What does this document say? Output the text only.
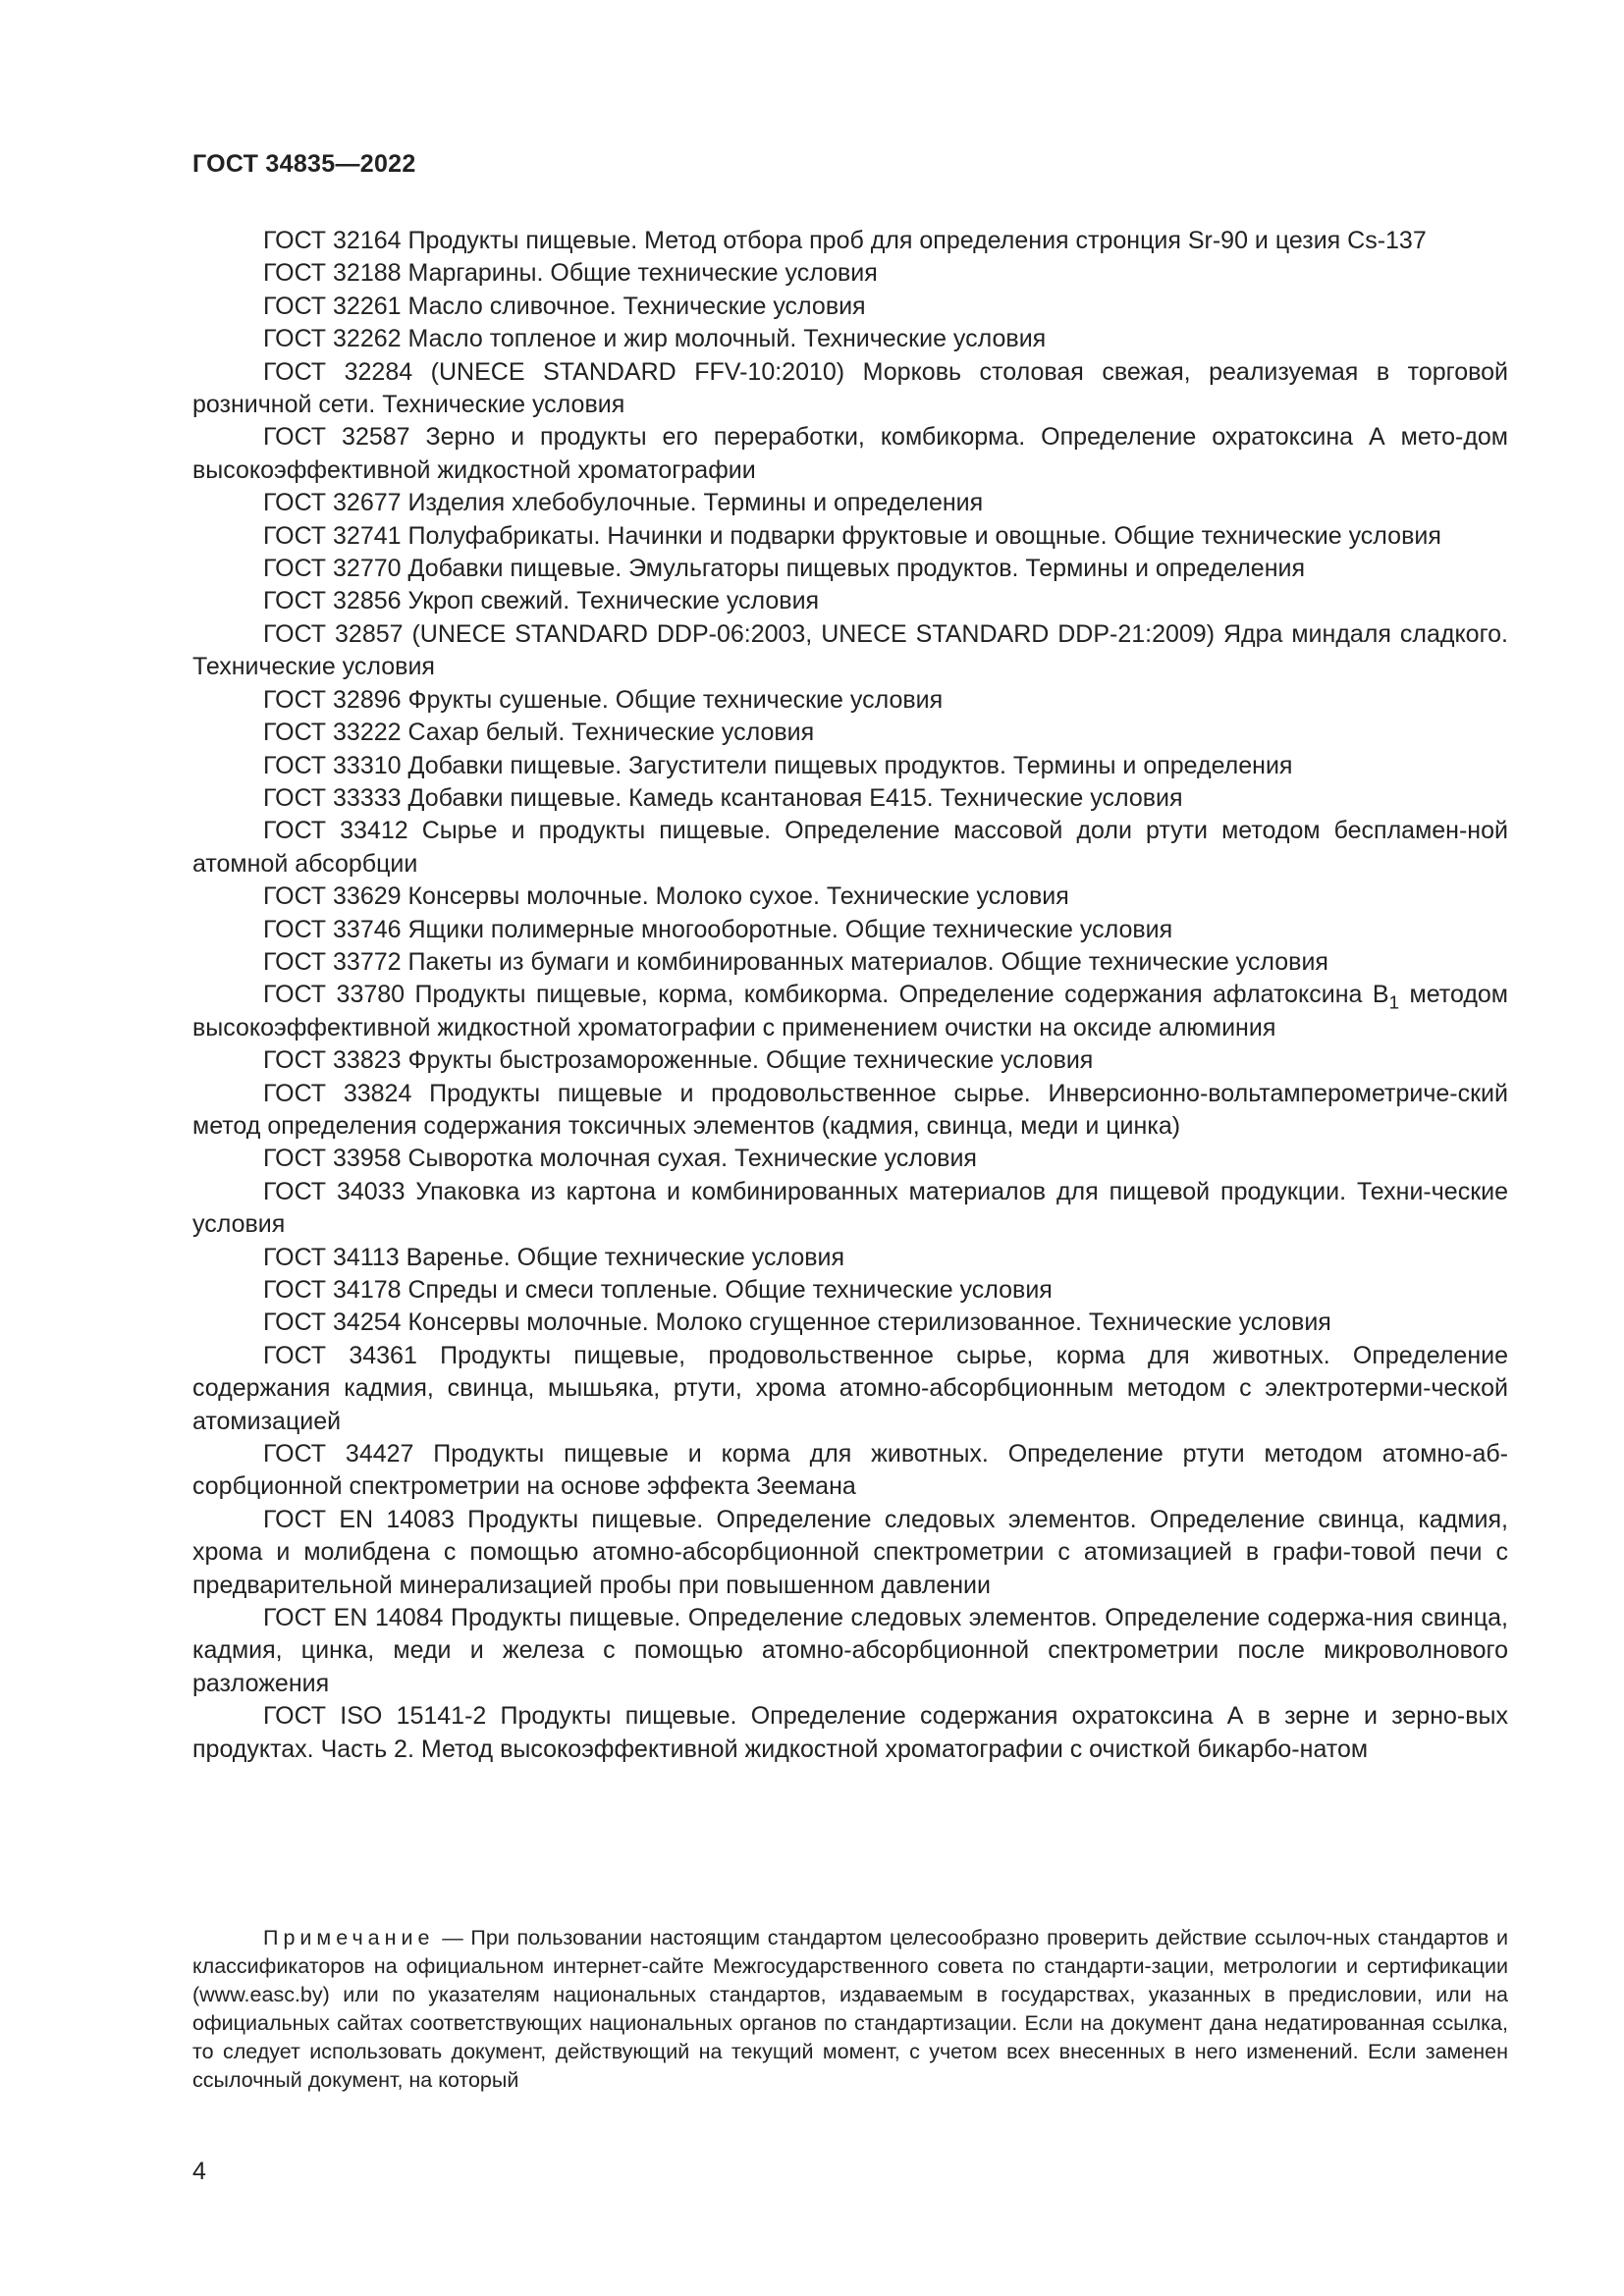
ГОСТ 34835—2022

ГОСТ 32164 Продукты пищевые. Метод отбора проб для определения стронция Sr-90 и цезия Cs-137

ГОСТ 32188 Маргарины. Общие технические условия

ГОСТ 32261 Масло сливочное. Технические условия

ГОСТ 32262 Масло топленое и жир молочный. Технические условия

ГОСТ 32284 (UNECE STANDARD FFV-10:2010) Морковь столовая свежая, реализуемая в торговой розничной сети. Технические условия

ГОСТ 32587 Зерно и продукты его переработки, комбикорма. Определение охратоксина А мето-дом высокоэффективной жидкостной хроматографии

ГОСТ 32677 Изделия хлебобулочные. Термины и определения

ГОСТ 32741 Полуфабрикаты. Начинки и подварки фруктовые и овощные. Общие технические условия

ГОСТ 32770 Добавки пищевые. Эмульгаторы пищевых продуктов. Термины и определения

ГОСТ 32856 Укроп свежий. Технические условия

ГОСТ 32857 (UNECE STANDARD DDP-06:2003, UNECE STANDARD DDP-21:2009) Ядра миндаля сладкого. Технические условия

ГОСТ 32896 Фрукты сушеные. Общие технические условия

ГОСТ 33222 Сахар белый. Технические условия

ГОСТ 33310 Добавки пищевые. Загустители пищевых продуктов. Термины и определения

ГОСТ 33333 Добавки пищевые. Камедь ксантановая Е415. Технические условия

ГОСТ 33412 Сырье и продукты пищевые. Определение массовой доли ртути методом беспламен-ной атомной абсорбции

ГОСТ 33629 Консервы молочные. Молоко сухое. Технические условия

ГОСТ 33746 Ящики полимерные многооборотные. Общие технические условия

ГОСТ 33772 Пакеты из бумаги и комбинированных материалов. Общие технические условия

ГОСТ 33780 Продукты пищевые, корма, комбикорма. Определение содержания афлатоксина $В_1$ методом высокоэффективной жидкостной хроматографии с применением очистки на оксиде алюминия

ГОСТ 33823 Фрукты быстрозамороженные. Общие технические условия

ГОСТ 33824 Продукты пищевые и продовольственное сырье. Инверсионно-вольтамперометриче-ский метод определения содержания токсичных элементов (кадмия, свинца, меди и цинка)

ГОСТ 33958 Сыворотка молочная сухая. Технические условия

ГОСТ 34033 Упаковка из картона и комбинированных материалов для пищевой продукции. Техни-ческие условия

ГОСТ 34113 Варенье. Общие технические условия

ГОСТ 34178 Спреды и смеси топленые. Общие технические условия

ГОСТ 34254 Консервы молочные. Молоко сгущенное стерилизованное. Технические условия

ГОСТ 34361 Продукты пищевые, продовольственное сырье, корма для животных. Определение содержания кадмия, свинца, мышьяка, ртути, хрома атомно-абсорбционным методом с электротерми-ческой атомизацией

ГОСТ 34427 Продукты пищевые и корма для животных. Определение ртути методом атомно-аб-сорбционной спектрометрии на основе эффекта Зеемана

ГОСТ EN 14083 Продукты пищевые. Определение следовых элементов. Определение свинца, кадмия, хрома и молибдена с помощью атомно-абсорбционной спектрометрии с атомизацией в графи-товой печи с предварительной минерализацией пробы при повышенном давлении

ГОСТ EN 14084 Продукты пищевые. Определение следовых элементов. Определение содержа-ния свинца, кадмия, цинка, меди и железа с помощью атомно-абсорбционной спектрометрии после микроволнового разложения

ГОСТ ISO 15141-2 Продукты пищевые. Определение содержания охратоксина А в зерне и зерно-вых продуктах. Часть 2. Метод высокоэффективной жидкостной хроматографии с очисткой бикарбо-натом

Примечание — При пользовании настоящим стандартом целесообразно проверить действие ссылоч-ных стандартов и классификаторов на официальном интернет-сайте Межгосударственного совета по стандарти-зации, метрологии и сертификации (www.easc.by) или по указателям национальных стандартов, издаваемым в государствах, указанных в предисловии, или на официальных сайтах соответствующих национальных органов по стандартизации. Если на документ дана недатированная ссылка, то следует использовать документ, действующий на текущий момент, с учетом всех внесенных в него изменений. Если заменен ссылочный документ, на который
4
